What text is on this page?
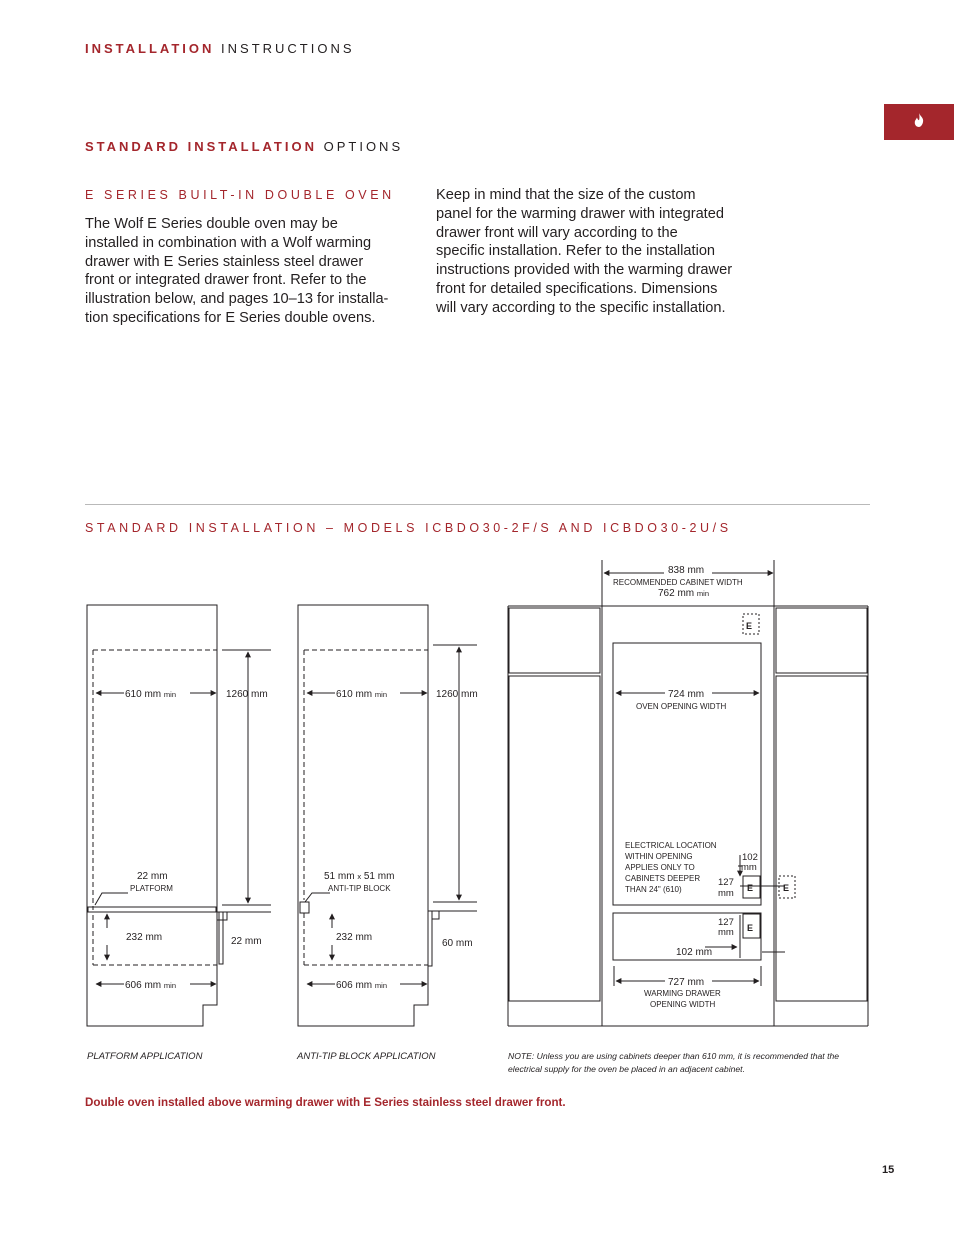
INSTALLATION INSTRUCTIONS
STANDARD INSTALLATION OPTIONS
E SERIES BUILT-IN DOUBLE OVEN
The Wolf E Series double oven may be
installed in combination with a Wolf warming
drawer with E Series stainless steel drawer
front or integrated drawer front. Refer to the
illustration below, and pages 10–13 for installa-
tion specifications for E Series double ovens.
Keep in mind that the size of the custom
panel for the warming drawer with integrated
drawer front will vary according to the
specific installation. Refer to the installation
instructions provided with the warming drawer
front for detailed specifications. Dimensions
will vary according to the specific installation.
STANDARD INSTALLATION – MODELS ICBDO30-2F/S AND ICBDO30-2U/S
610 mm min	1260 mm
22 mm
PLATFORM
232 mm	22 mm
606 mm min
610 mm min	1260 mm
51 mm x 51 mm
ANTI-TIP BLOCK
232 mm
60 mm
606 mm min
838 mm
RECOMMENDED CABINET WIDTH
762 mm min
E
724 mm
OVEN OPENING WIDTH
ELECTRICAL LOCATION
WITHIN OPENING
APPLIES ONLY TO
CABINETS DEEPER
THAN 24" (610)
102
mm
127
mm E	E
127
mm E
102 mm
727 mm
WARMING DRAWER
OPENING WIDTH
PLATFORM APPLICATION	ANTI-TIP BLOCK APPLICATION	NOTE: Unless you are using cabinets deeper than 610 mm, it is recommended that the
electrical supply for the oven be placed in an adjacent cabinet.
Double oven installed above warming drawer with E Series stainless steel drawer front.
15
